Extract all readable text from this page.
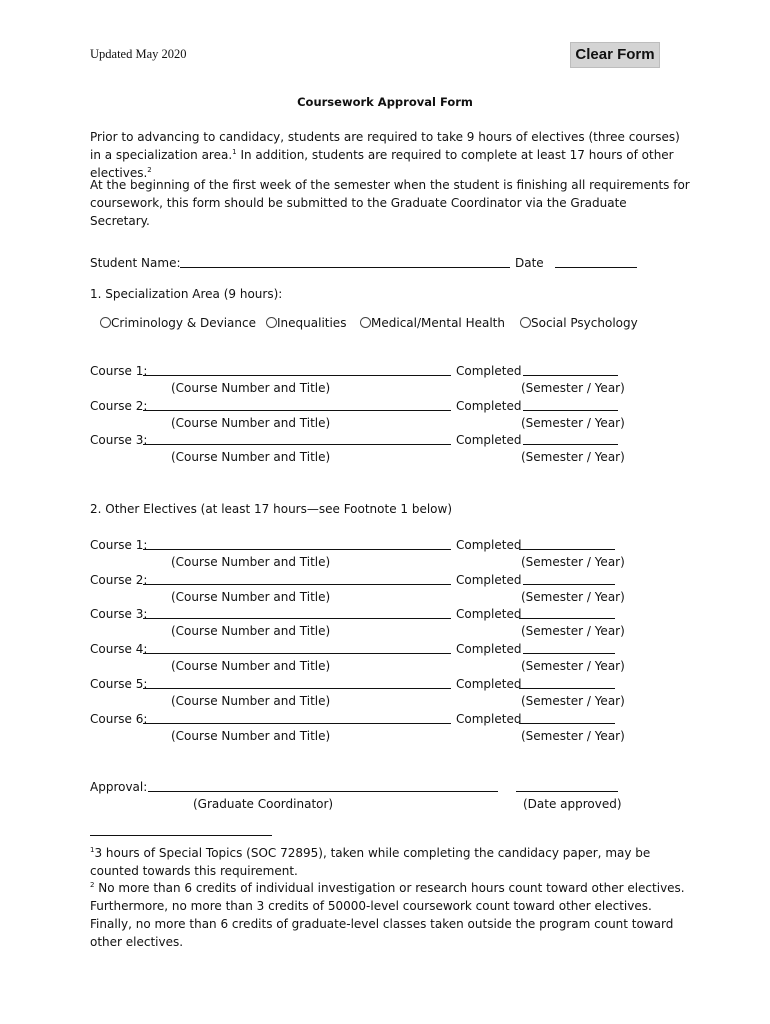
Updated May 2020	Clear Form
Coursework Approval Form
Prior to advancing to candidacy, students are required to take 9 hours of electives (three courses) in a specialization area.$^1$ In addition, students are required to complete at least 17 hours of other electives.$^2$
At the beginning of the first week of the semester when the student is finishing all requirements for coursework, this form should be submitted to the Graduate Coordinator via the Graduate Secretary.
Student Name:	Date
1. Specialization Area (9 hours):
Criminology & Deviance	Inequalities	Medical/Mental Health	Social Psychology
Course 1:	Completed
(Course Number and Title)	(Semester / Year)
Course 2:	Completed
(Course Number and Title)	(Semester / Year)
Course 3:	Completed
(Course Number and Title)	(Semester / Year)
2. Other Electives (at least 17 hours—see Footnote 1 below)
Course 1:	Completed
(Course Number and Title)	(Semester / Year)
Course 2:	Completed
(Course Number and Title)	(Semester / Year)
Course 3:	Completed
(Course Number and Title)	(Semester / Year)
Course 4:	Completed
(Course Number and Title)	(Semester / Year)
Course 5:	Completed
(Course Number and Title)	(Semester / Year)
Course 6:	Completed
(Course Number and Title)	(Semester / Year)
Approval:
(Graduate Coordinator)	(Date approved)
$^1$3 hours of Special Topics (SOC 72895), taken while completing the candidacy paper, may be counted towards this requirement.
$^2$ No more than 6 credits of individual investigation or research hours count toward other electives. Furthermore, no more than 3 credits of 50000-level coursework count toward other electives. Finally, no more than 6 credits of graduate-level classes taken outside the program count toward other electives.
